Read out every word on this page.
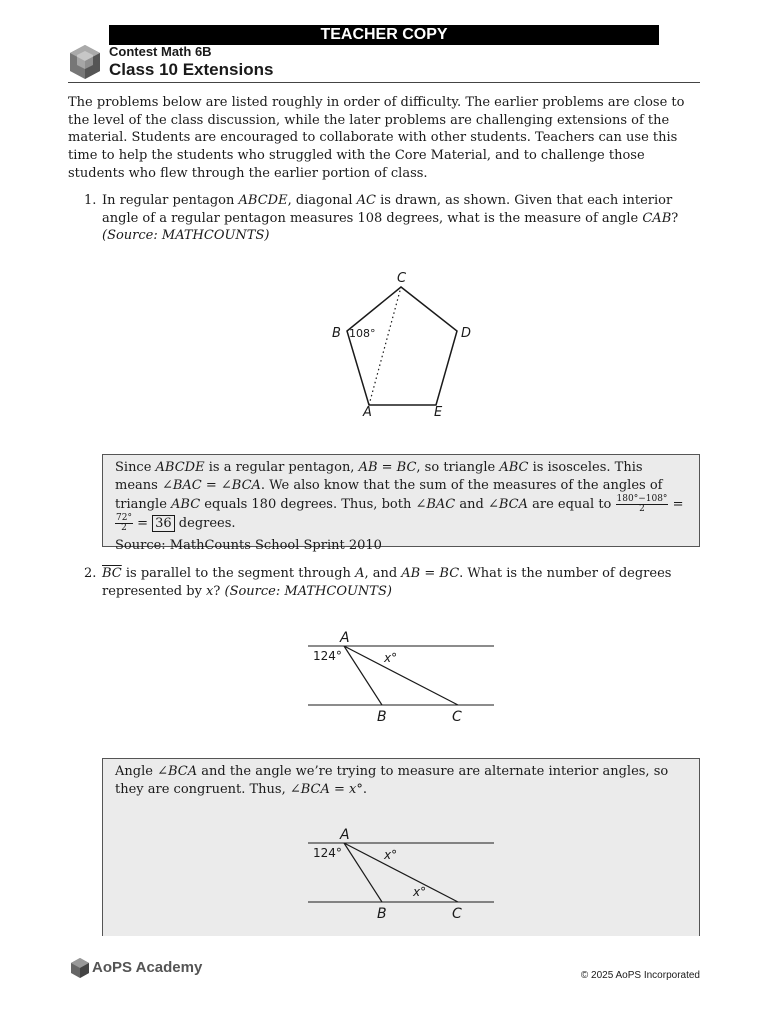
TEACHER COPY
Contest Math 6B
Class 10 Extensions
The problems below are listed roughly in order of difficulty. The earlier problems are close to the level of the class discussion, while the later problems are challenging extensions of the material. Students are encouraged to collaborate with other students. Teachers can use this time to help the students who struggled with the Core Material, and to challenge those students who flew through the earlier portion of class.
1. In regular pentagon ABCDE, diagonal AC is drawn, as shown. Given that each interior angle of a regular pentagon measures 108 degrees, what is the measure of angle CAB? (Source: MATHCOUNTS)
C
B	D
A	E
108°

Since ABCDE is a regular pentagon, AB = BC, so triangle ABC is isosceles. This means ∠BAC = ∠BCA. We also know that the sum of the measures of the angles of triangle ABC equals 180 degrees. Thus, both ∠BAC and ∠BCA are equal to $\frac{180^\circ-108^\circ}{2}$ =
$\frac{72^\circ}{2} = 36$ degrees.

Source: MathCounts School Sprint 2010

2. $\overline{BC}$ is parallel to the segment through A, and AB = BC. What is the number of degrees represented by x? (Source: MATHCOUNTS)
A
B	C
124°	x°

Angle ∠BCA and the angle we’re trying to measure are alternate interior angles, so they are congruent. Thus, ∠BCA = x°.

A
B	C
124°	x°
x°
AoPS Academy	© 2025 AoPS Incorporated
